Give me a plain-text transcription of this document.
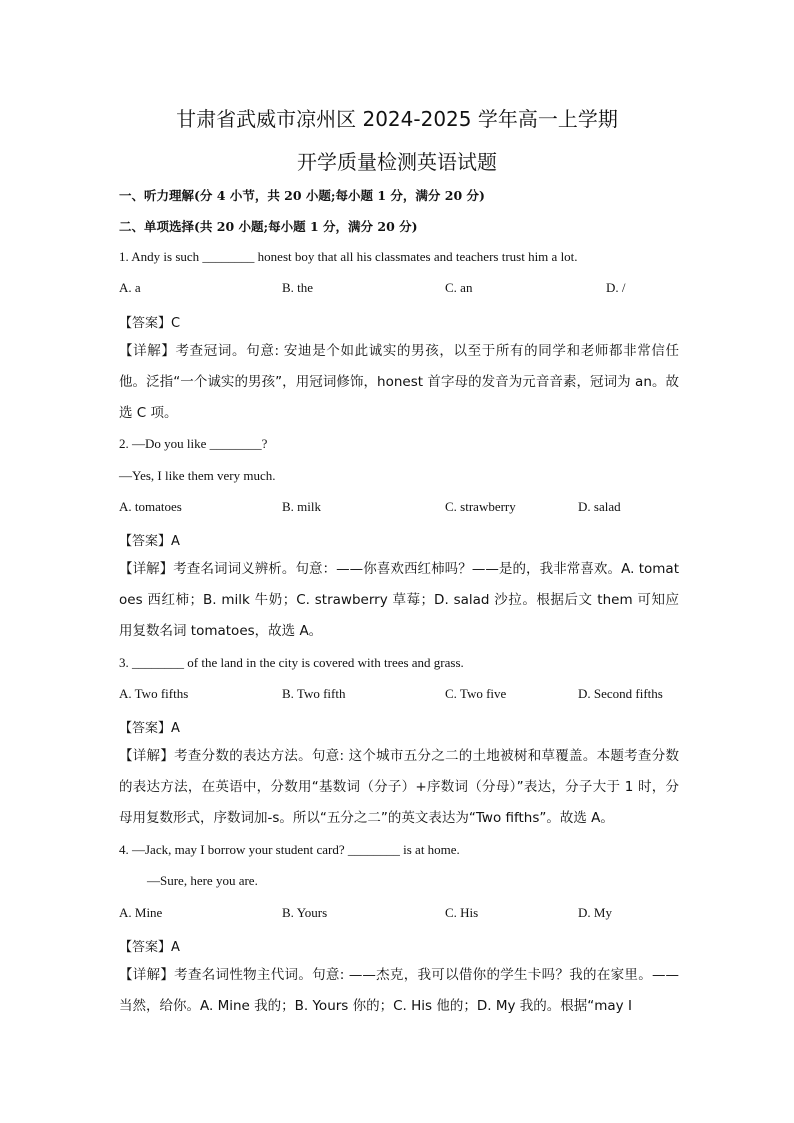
甘肃省武威市凉州区 2024-2025 学年高一上学期
开学质量检测英语试题
一、听力理解(分 4 小节，共 20 小题;每小题 1 分，满分 20 分)
二、单项选择(共 20 小题;每小题 1 分，满分 20 分)
1. Andy is such ________ honest boy that all his classmates and teachers trust him a lot.
A. a	B. the	C. an	D. /
【答案】C
【详解】考查冠词。句意: 安迪是个如此诚实的男孩，以至于所有的同学和老师都非常信任他。泛指“一个诚实的男孩”，用冠词修饰，honest 首字母的发音为元音音素，冠词为 an。故选 C 项。
2. —Do you like ________?
—Yes, I like them very much.
A. tomatoes	B. milk	C. strawberry	D. salad
【答案】A
【详解】考查名词词义辨析。句意：——你喜欢西红柿吗？——是的，我非常喜欢。A. tomatoes 西红柿；B. milk 牛奶；C. strawberry 草莓；D. salad 沙拉。根据后文 them 可知应用复数名词 tomatoes，故选 A。
3. ________ of the land in the city is covered with trees and grass.
A. Two fifths	B. Two fifth	C. Two five	D. Second fifths
【答案】A
【详解】考查分数的表达方法。句意: 这个城市五分之二的土地被树和草覆盖。本题考查分数的表达方法，在英语中，分数用“基数词（分子）+序数词（分母）”表达，分子大于 1 时，分母用复数形式，序数词加-s。所以“五分之二”的英文表达为“Two fifths”。故选 A。
4. —Jack, may I borrow your student card? ________ is at home.
—Sure, here you are.
A. Mine	B. Yours	C. His	D. My
【答案】A
【详解】考查名词性物主代词。句意: ——杰克，我可以借你的学生卡吗？我的在家里。——当然，给你。A. Mine 我的；B. Yours 你的；C. His 他的；D. My 我的。根据“may I
